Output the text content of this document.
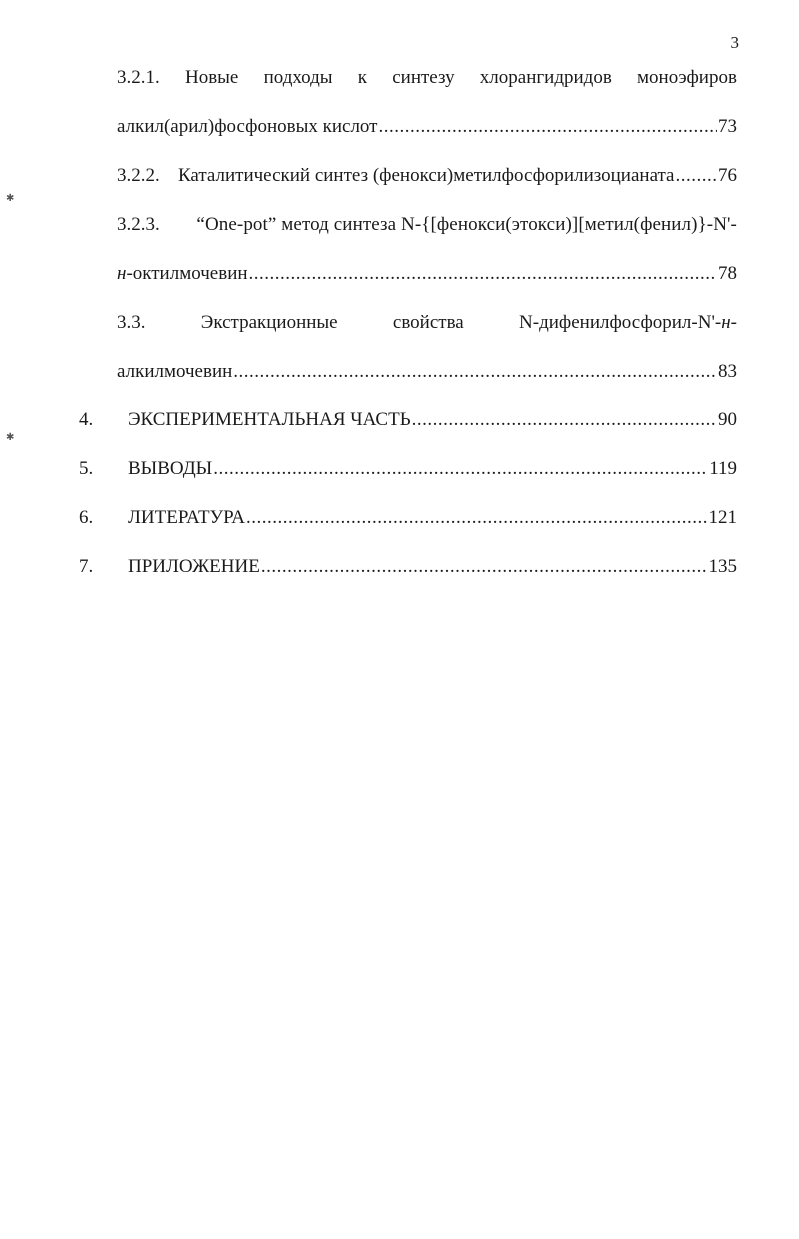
3
3.2.1. Новые подходы к синтезу хлорангидридов моноэфиров
алкил(арил)фосфоновых кислот .....	73
3.2.2. Каталитический синтез (фенокси)метилфосфорилизоцианата ..... 76
3.2.3.	“One-pot” метод синтеза N-{[фенокси(этокси)][метил(фенил)}-N'-
н-октилмочевин .....	78
3.3.	Экстракционные	свойства	N-дифенилфосфорил-N'-н-
алкилмочевин .....	83
4. ЭКСПЕРИМЕНТАЛЬНАЯ ЧАСТЬ .....	90
5. ВЫВОДЫ .....	119
6. ЛИТЕРАТУРА .....	121
7. ПРИЛОЖЕНИЕ .....	135
✱
✱
